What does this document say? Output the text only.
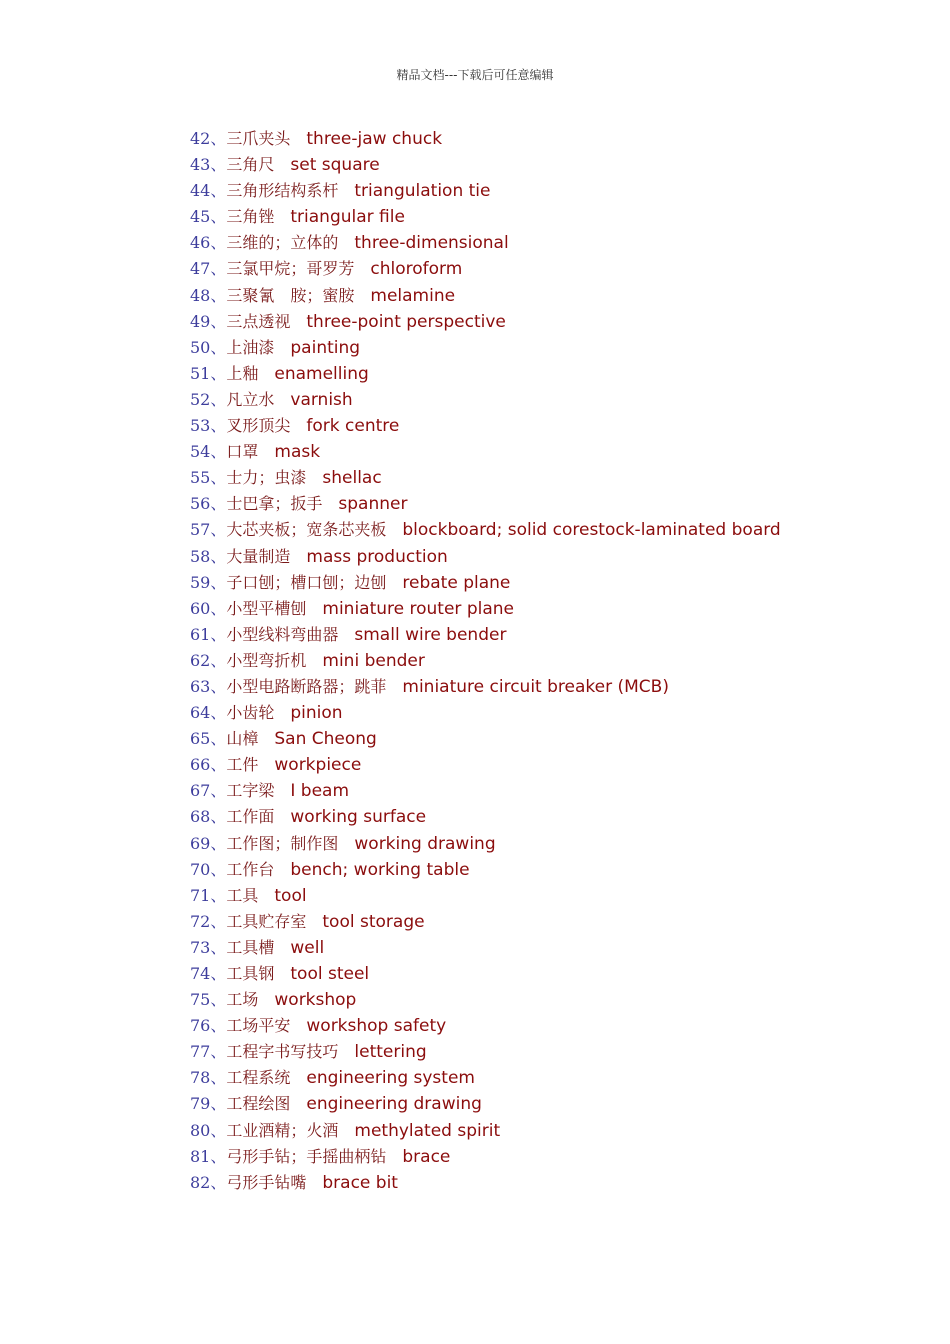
精品文档---下载后可任意编辑
42、三爪夹头 three-jaw chuck
43、三角尺 set square
44、三角形结构系杆 triangulation tie
45、三角锉 triangular file
46、三维的；立体的 three-dimensional
47、三氯甲烷；哥罗芳 chloroform
48、三聚氰　胺；蜜胺 melamine
49、三点透视 three-point perspective
50、上油漆 painting
51、上釉 enamelling
52、凡立水 varnish
53、叉形顶尖 fork centre
54、口罩 mask
55、士力；虫漆 shellac
56、士巴拿；扳手 spanner
57、大芯夹板；宽条芯夹板 blockboard; solid corestock-laminated board
58、大量制造 mass production
59、子口刨；槽口刨；边刨 rebate plane
60、小型平槽刨 miniature router plane
61、小型线料弯曲器 small wire bender
62、小型弯折机 mini bender
63、小型电路断路器；跳菲 miniature circuit breaker (MCB)
64、小齿轮 pinion
65、山樟 San Cheong
66、工件 workpiece
67、工字梁 I beam
68、工作面 working surface
69、工作图；制作图 working drawing
70、工作台 bench; working table
71、工具 tool
72、工具贮存室 tool storage
73、工具槽 well
74、工具钢 tool steel
75、工场 workshop
76、工场平安 workshop safety
77、工程字书写技巧 lettering
78、工程系统 engineering system
79、工程绘图 engineering drawing
80、工业酒精；火酒 methylated spirit
81、弓形手钻；手摇曲柄钻 brace
82、弓形手钻嘴 brace bit
